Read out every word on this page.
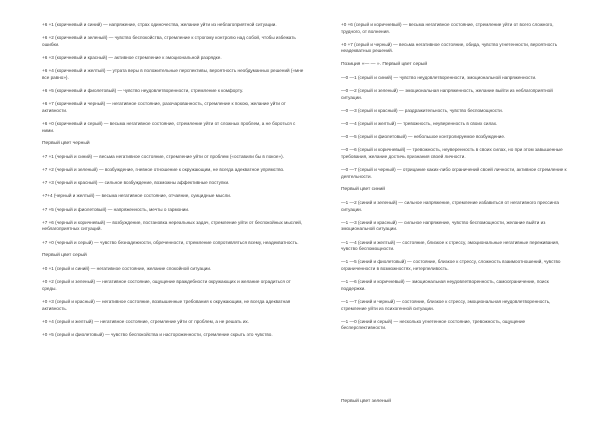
+6 +1 (коричневый и синий) — напряжение, страх одиночества, желание уйти из неблагоприятной ситуации.

+6 +2 (коричневый и зеленый) — чувство беспокойства, стремление к строгому контролю над собой, чтобы избежать ошибки.

+6 +3 (коричневый и красный) — активное стремление к эмоциональной разрядке.

+6 +4 (коричневый и желтый) — утрата веры в положительные перспективы, вероятность необдуманных решений («мне все равно»).

+6 +5 (коричневый и фиолетовый) — чувство неудовлетворенности, стремление к комфорту.

+6 +7 (коричневый и черный) — негативное состояние, разочарованность, стремление к покою, желание уйти от активности.

+6 +0 (коричневый и серый) — весьма негативное состояние, стремление уйти от сложных проблем, а не бороться с ними.

Первый цвет черный

+7 +1 (черный и синий) — весьма негативное состояние, стремление уйти от проблем («оставили бы в покое»).

+7 +2 (черный и зеленый) — возбуждение, гневное отношение к окружающим, не всегда адекватное упрямство.

+7 +3 (черный и красный) — сильное возбуждение, возможны аффективные поступки.

+7+4 (черный и желтый) — весьма негативное состояние, отчаяние, суицидные мысли.

+7 +5 (черный и фиолетовый) — напряженность, мечты о гармонии.

+7 +6 (черный и коричневый) — возбуждение, постановка нереальных задач, стремление уйти от беспокойных мыслей, неблагоприятных ситуаций.

+7 +0 (черный и серый) — чувство безнадежности, обреченности, стремление сопротивляться всему, неадекватность.

Первый цвет серый

+0 +1 (серый и синий) — негативное состояние, желание спокойной ситуации.

+0 +2 (серый и зеленый) — негативное состояние, ощущение враждебности окружающих и желание оградиться от среды.

+0 +3 (серый и красный) — негативное состояние, возвышенные требования к окружающим, не всегда адекватная активность.

+0 +4 (серый и желтый) — негативное состояние, стремление уйти от проблем, а не решать их.

+0 +5 (серый и фиолетовый) — чувство беспокойства и настороженности, стремление скрыть это чувство.

+0 +6 (серый и коричневый) — весьма негативное состояние, стремление уйти от всего сложного, трудного, от волнения.

+0 +7 (серый и черный) — весьма негативное состояние, обида, чувство угнетенности, вероятность неадекватных решений.

Позиция «— — ». Первый цвет серый

—0 —1 (серый и синий) — чувство неудовлетворенности, эмоциональной напряженности.

—0 —2 (серый и зеленый) — эмоциональная напряженность, желание выйти из неблагоприятной ситуации.

—0 —3 (серый и красный) — раздражительность, чувство беспомощности.

—0 —4 (серый и желтый) — тревожность, неуверенность в своих силах.

—0 —5 (серый и фиолетовый) — небольшое контролируемое возбуждение.

—0 —6 (серый и коричневый) — тревожность, неуверенность в своих силах, но при этом завышенные требования, желание достичь признания своей личности.

—0 —7 (серый и черный) — отрицание каких-либо ограничений своей личности, активное стремление к деятельности.

Первый цвет синий

—1 —2 (синий и зеленый) — сильное напряжение, стремление избавиться от негативного прессинга ситуации.

—1 —3 (синий и красный) — сильное напряжение, чувство беспомощности, желание выйти из эмоциональной ситуации.

—1 —4 (синий и желтый) — состояние, близкое к стрессу, эмоциональные негативные переживания, чувство беспомощности.

—1 —5 (синий и фиолетовый) — состояние, близкое к стрессу, сложность взаимоотношений, чувство ограниченности в возможностях, нетерпеливость.

—1 —6 (синий и коричневый) — эмоциональная неудовлетворенность, самоограничение, поиск поддержки.

—1 —7 (синий и черный) — состояние, близкое к стрессу, эмоциональная неудовлетворенность, стремление уйти из психогенной ситуации.

—1 —0 (синий и серый) — несколько угнетенное состояние, тревожность, ощущение бесперспективности.

Первый цвет зеленый
